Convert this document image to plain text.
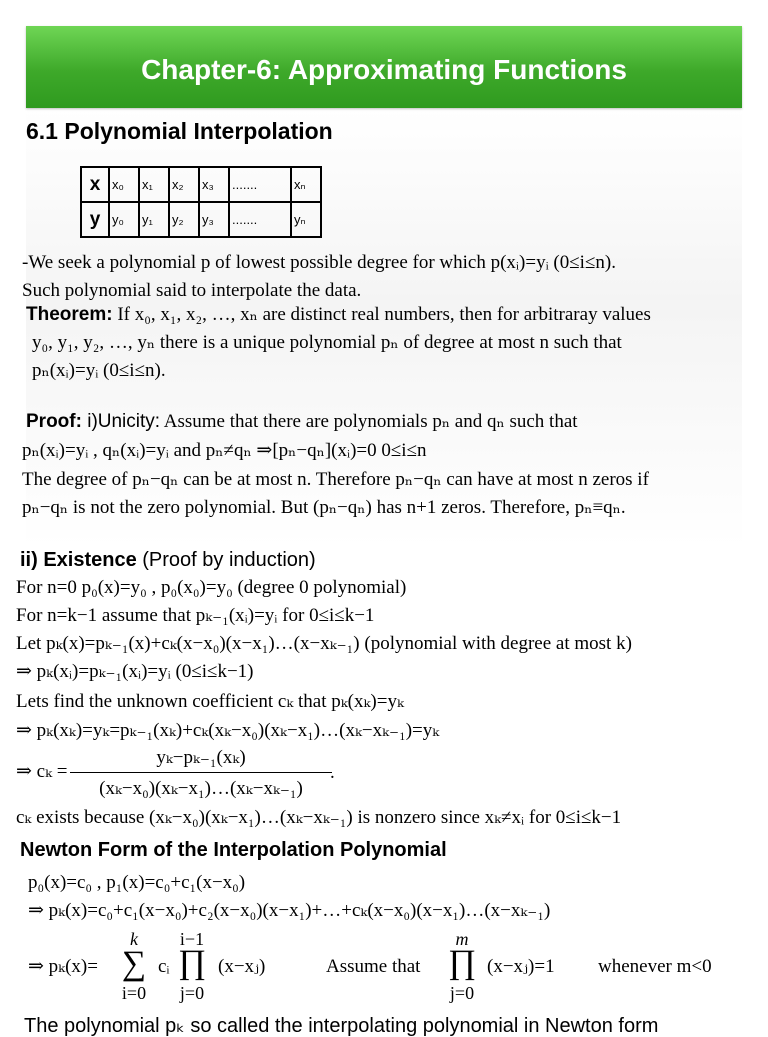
Chapter-6: Approximating Functions
6.1 Polynomial Interpolation
x	x₀	x₁	x₂	x₃	.......	xₙ
y	y₀	y₁	y₂	y₃	.......	yₙ
-We seek a polynomial p of lowest possible degree for which p(xᵢ)=yᵢ (0≤i≤n).
Such polynomial said to interpolate the data.
Theorem: If x₀, x₁, x₂, …, xₙ are distinct real numbers, then for arbitraray values
y₀, y₁, y₂, …, yₙ there is a unique polynomial pₙ of degree at most n such that
pₙ(xᵢ)=yᵢ (0≤i≤n).
Proof: i)Unicity: Assume that there are polynomials pₙ and qₙ such that
pₙ(xᵢ)=yᵢ , qₙ(xᵢ)=yᵢ and pₙ≠qₙ ⇒[pₙ−qₙ](xᵢ)=0 0≤i≤n
The degree of pₙ−qₙ can be at most n. Therefore pₙ−qₙ can have at most n zeros if
pₙ−qₙ is not the zero polynomial. But (pₙ−qₙ) has n+1 zeros. Therefore, pₙ≡qₙ.
ii) Existence (Proof by induction)
For n=0 p₀(x)=y₀ , p₀(x₀)=y₀ (degree 0 polynomial)
For n=k−1 assume that pₖ₋₁(xᵢ)=yᵢ for 0≤i≤k−1
Let pₖ(x)=pₖ₋₁(x)+cₖ(x−x₀)(x−x₁)…(x−xₖ₋₁) (polynomial with degree at most k)
⇒ pₖ(xᵢ)=pₖ₋₁(xᵢ)=yᵢ (0≤i≤k−1)
Lets find the unknown coefficient cₖ that pₖ(xₖ)=yₖ
⇒ pₖ(xₖ)=yₖ=pₖ₋₁(xₖ)+cₖ(xₖ−x₀)(xₖ−x₁)…(xₖ−xₖ₋₁)=yₖ
⇒ cₖ =
yₖ−pₖ₋₁(xₖ)
(xₖ−x₀)(xₖ−x₁)…(xₖ−xₖ₋₁)
.
cₖ exists because (xₖ−x₀)(xₖ−x₁)…(xₖ−xₖ₋₁) is nonzero since xₖ≠xᵢ for 0≤i≤k−1
Newton Form of the Interpolation Polynomial
p₀(x)=c₀ , p₁(x)=c₀+c₁(x−x₀)
⇒ pₖ(x)=c₀+c₁(x−x₀)+c₂(x−x₀)(x−x₁)+…+cₖ(x−x₀)(x−x₁)…(x−xₖ₋₁)
⇒ pₖ(x)=
k
∑
i=0
cᵢ
i−1
∏
j=0
(x−xⱼ)	Assume that
m
∏
j=0
(x−xⱼ)=1 whenever m<0
The polynomial pₖ so called the interpolating polynomial in Newton form
